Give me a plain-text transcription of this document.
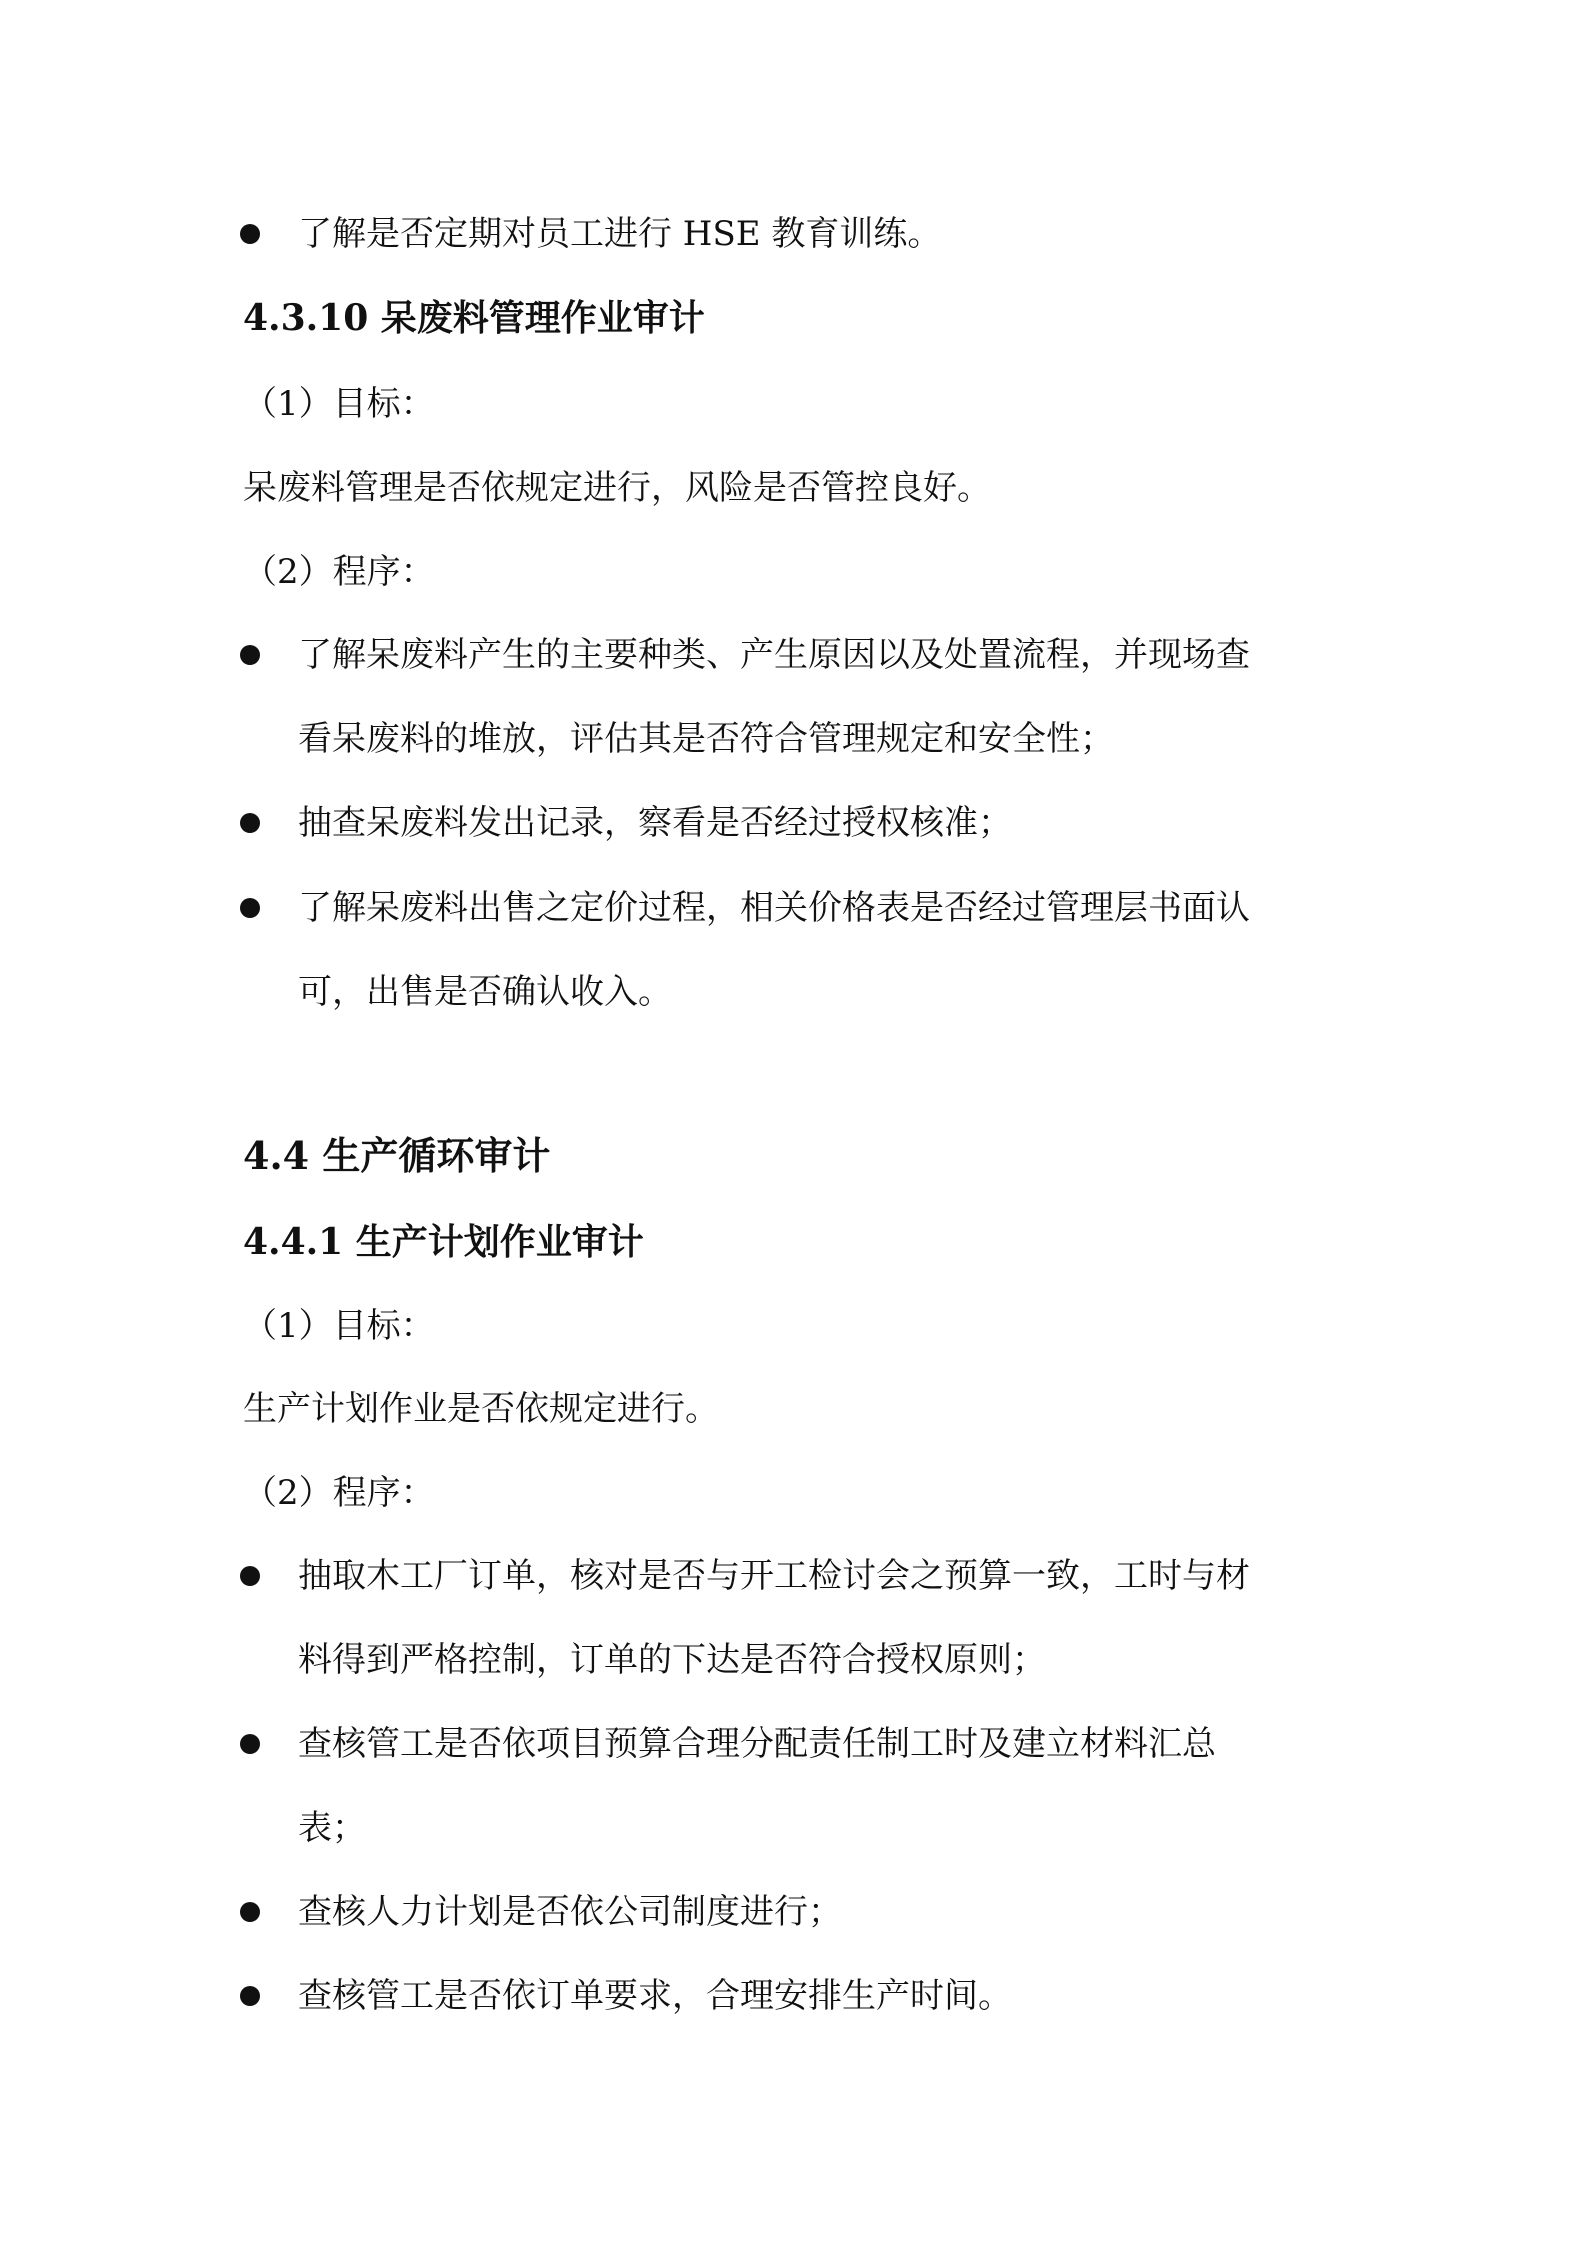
了解是否定期对员工进行 HSE 教育训练。
4.3.10 呆废料管理作业审计
（1）目标：
呆废料管理是否依规定进行，风险是否管控良好。
（2）程序：
了解呆废料产生的主要种类、产生原因以及处置流程，并现场查
看呆废料的堆放，评估其是否符合管理规定和安全性；
抽查呆废料发出记录，察看是否经过授权核准；
了解呆废料出售之定价过程，相关价格表是否经过管理层书面认
可，出售是否确认收入。
4.4 生产循环审计
4.4.1 生产计划作业审计
（1）目标：
生产计划作业是否依规定进行。
（2）程序：
抽取木工厂订单，核对是否与开工检讨会之预算一致，工时与材
料得到严格控制，订单的下达是否符合授权原则；
查核管工是否依项目预算合理分配责任制工时及建立材料汇总
表；
查核人力计划是否依公司制度进行；
查核管工是否依订单要求，合理安排生产时间。
